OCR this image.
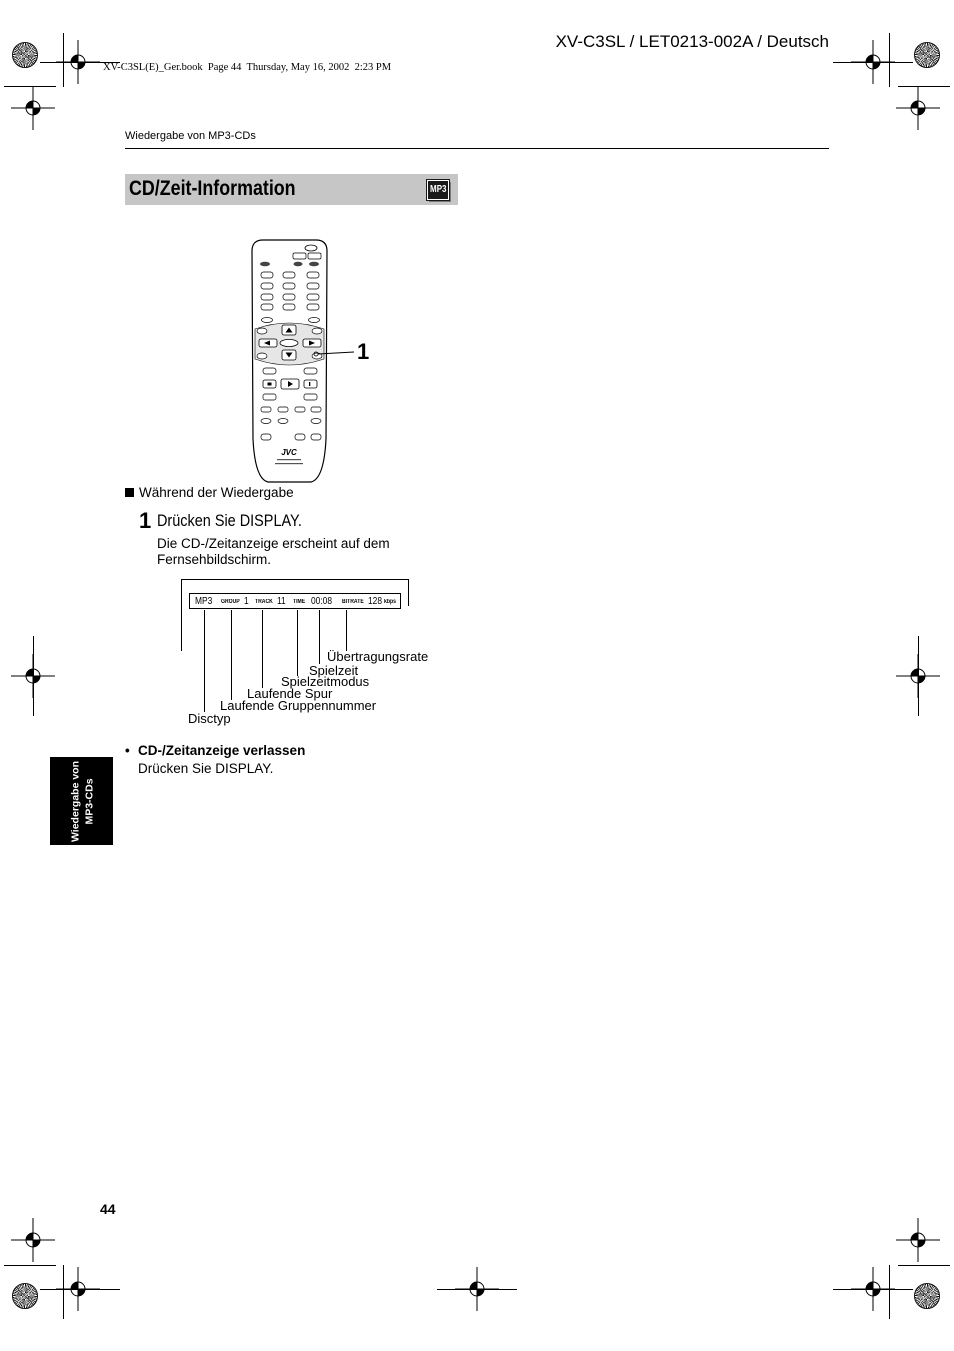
XV-C3SL / LET0213-002A / Deutsch
XV-C3SL(E)_Ger.book  Page 44  Thursday, May 16, 2002  2:23 PM
Wiedergabe von MP3-CDs
CD/Zeit-Information	MP3
JVC
1
Während der Wiedergabe
1 Drücken Sie DISPLAY.
Die CD-/Zeitanzeige erscheint auf dem
Fernsehbildschirm.
MP3 GROUP 1 TRACK 11 TIME 00:08 BITRATE 128 kbps
Übertragungsrate
Spielzeit
Spielzeitmodus
Laufende Spur
Laufende Gruppennummer
Disctyp
• CD-/Zeitanzeige verlassen
Drücken Sie DISPLAY.
Wiedergabe von MP3-CDs
44
